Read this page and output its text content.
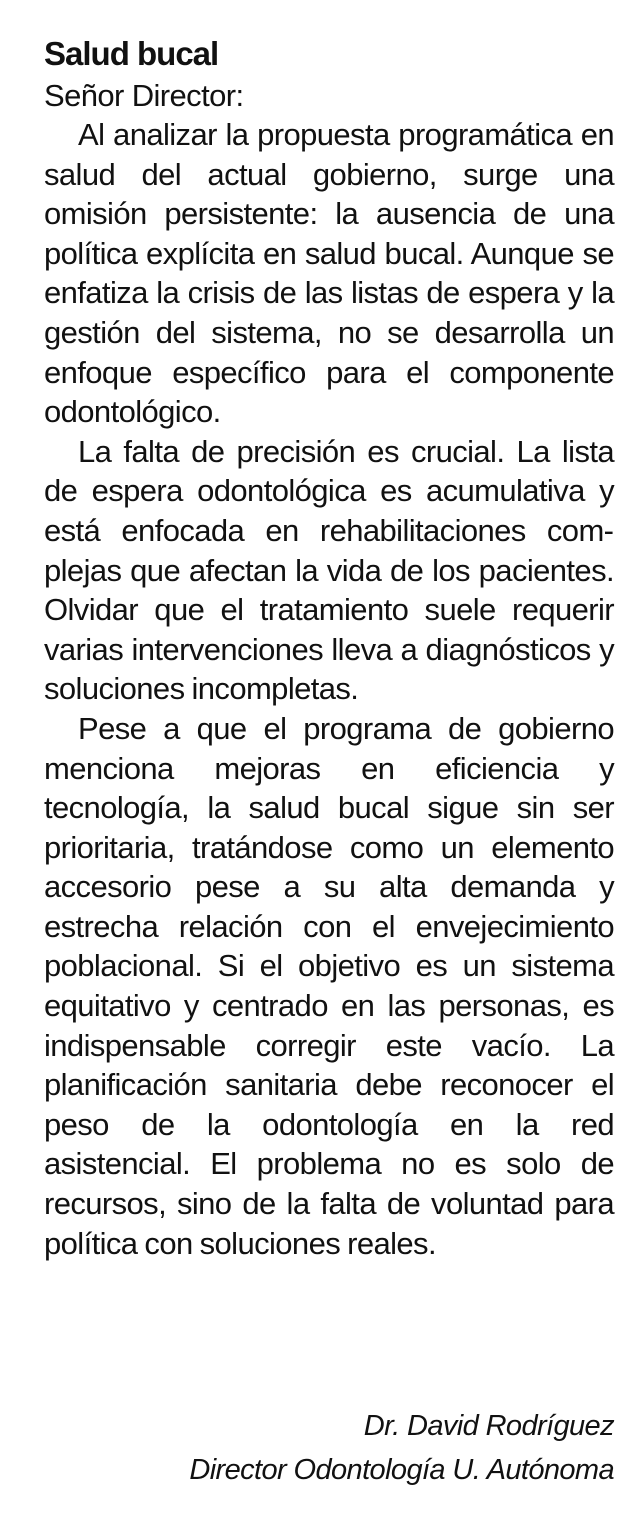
Salud bucal
Señor Director:

Al analizar la propuesta programática en salud del actual gobierno, surge una omisión persistente: la ausencia de una política explícita en salud bucal. Aunque se enfatiza la crisis de las listas de espera y la gestión del sistema, no se desarrolla un enfoque específico para el componente odontológico.

La falta de precisión es crucial. La lista de espera odontológica es acumulativa y está enfocada en rehabilitaciones complejas que afectan la vida de los pacientes. Olvidar que el tratamiento suele requerir varias intervenciones lleva a diagnósticos y soluciones incompletas.

Pese a que el programa de gobierno menciona mejoras en eficiencia y tecnología, la salud bucal sigue sin ser prioritaria, tratándose como un elemento accesorio pese a su alta demanda y estrecha relación con el envejecimiento poblacional. Si el objetivo es un sistema equitativo y centrado en las personas, es indispensable corregir este vacío. La planificación sanitaria debe reconocer el peso de la odontología en la red asistencial. El problema no es solo de recursos, sino de la falta de voluntad para política con soluciones reales.

Dr. David Rodríguez
Director Odontología U. Autónoma
